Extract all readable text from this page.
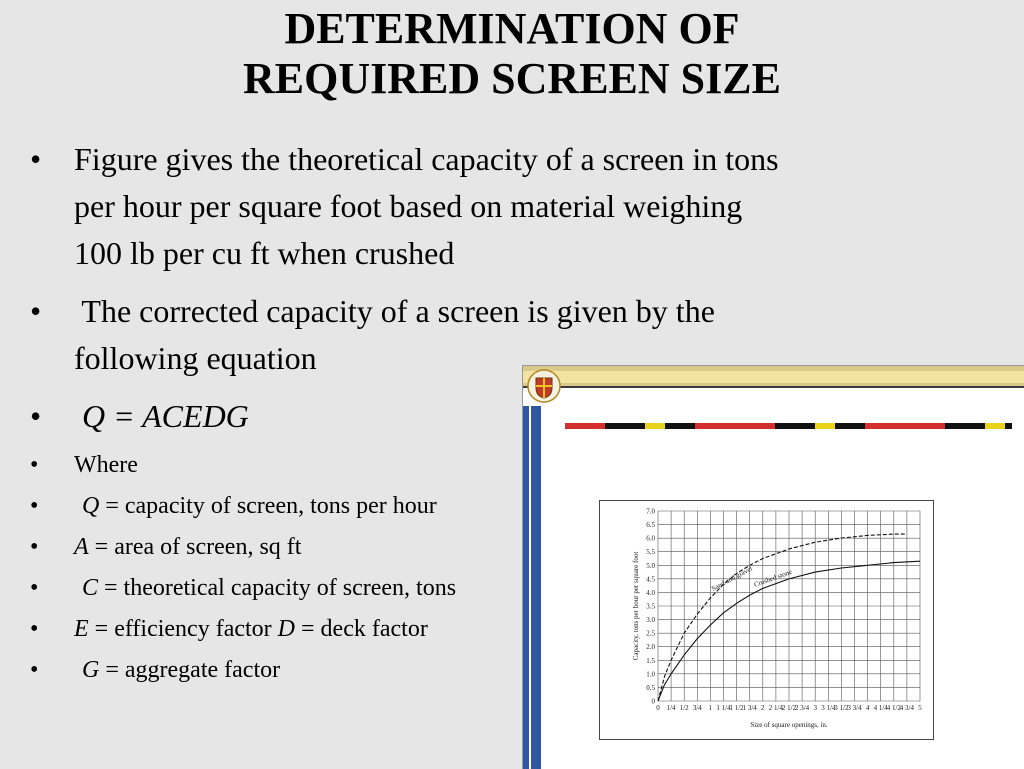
DETERMINATION OF
REQUIRED SCREEN SIZE
• Figure gives the theoretical capacity of a screen in tons
per hour per square foot based on material weighing
100 lb per cu ft when crushed
• The corrected capacity of a screen is given by the
following equation
• Q = ACEDG
• Where
• Q = capacity of screen, tons per hour
• A = area of screen, sq ft
• C = theoretical capacity of screen, tons
• E = efficiency factor D = deck factor
• G = aggregate factor
0
0.5
1.0
1.5
2.0
2.5
3.0
3.5
4.0
4.5
5.0
5.5
6.0
6.5
7.0
0 1/4 1/2 3/4 1 1 1/4
1 1/2
1 3/4 2 2 1/4
2 1/2
2 3/4 3 3 1/4
3 1/2
3 3/4 4 4 1/4
4 1/2
4 3/4 5
Size of square openings, in.
Capacity, tons per hour per square foot	Sand and gravel Crushed stone
